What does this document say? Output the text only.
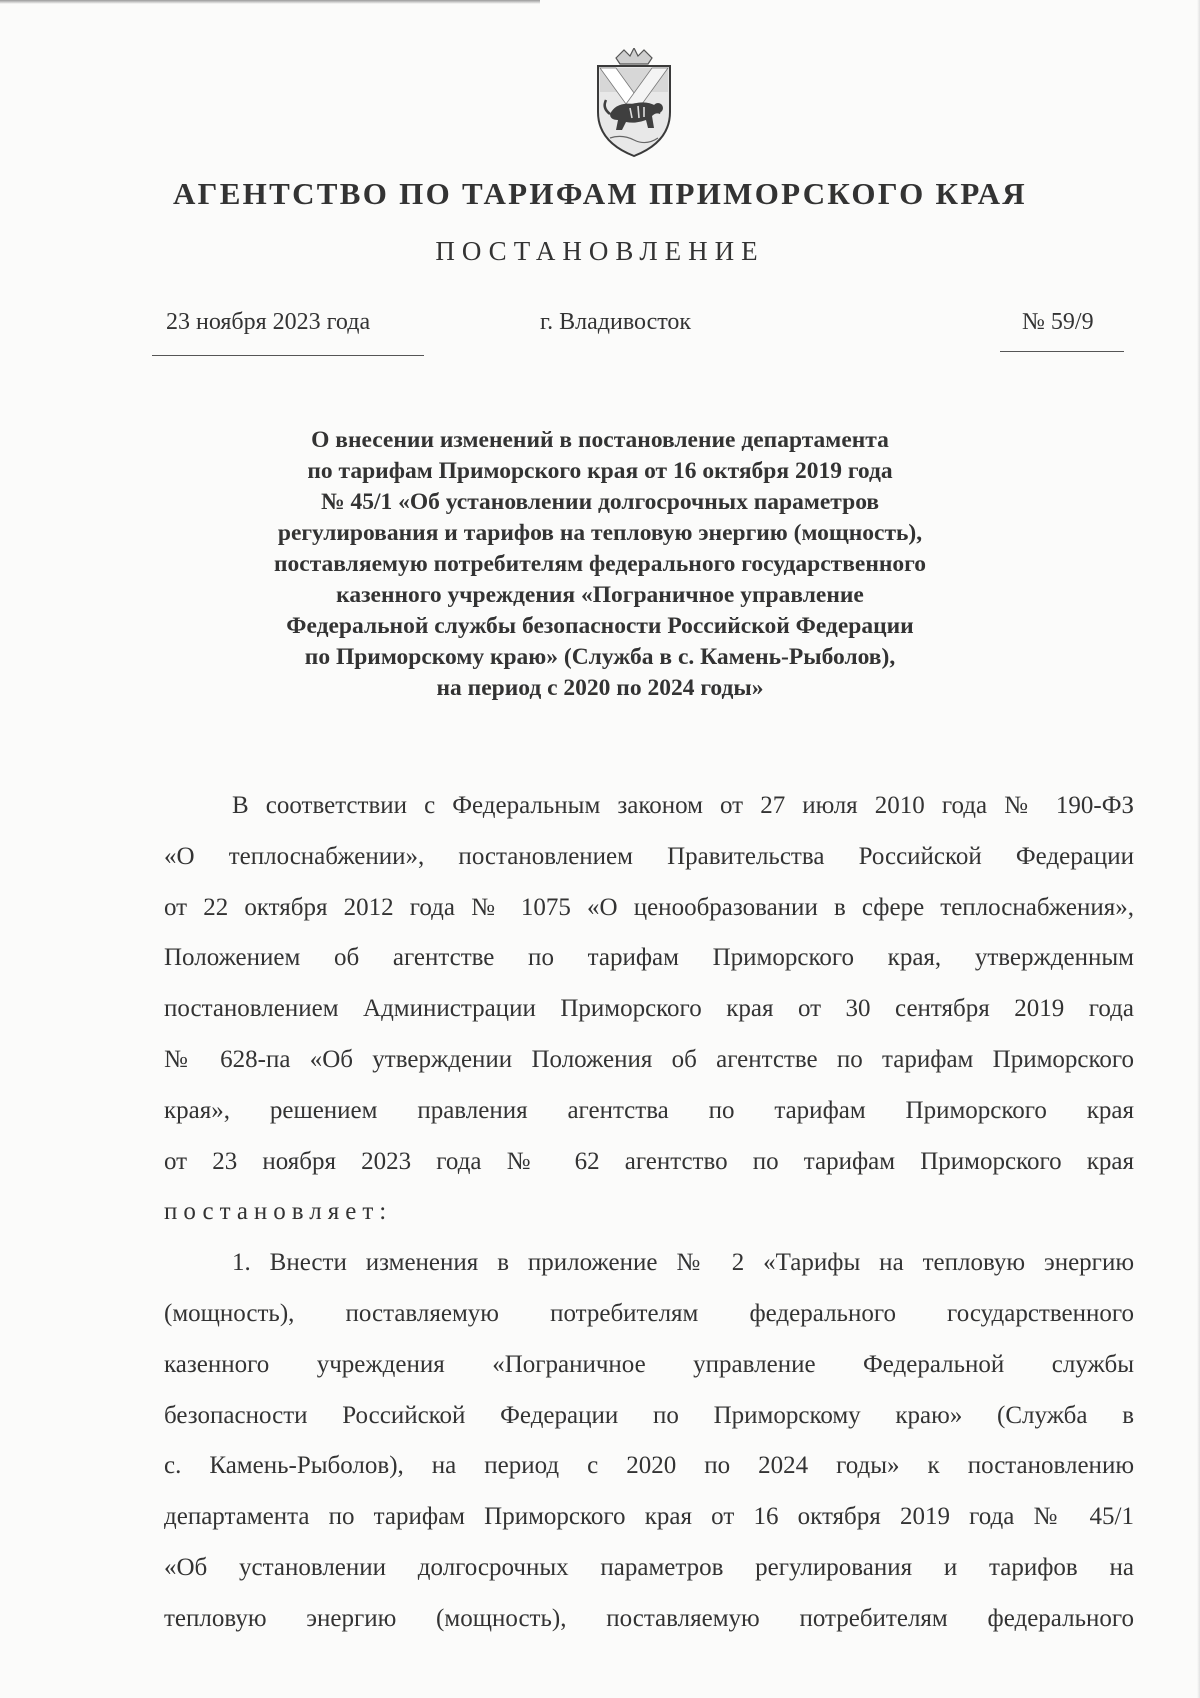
АГЕНТСТВО ПО ТАРИФАМ ПРИМОРСКОГО КРАЯ
ПОСТАНОВЛЕНИЕ
23 ноября 2023 года	г. Владивосток	№ 59/9
О внесении изменений в постановление департамента
по тарифам Приморского края от 16 октября 2019 года
№ 45/1 «Об установлении долгосрочных параметров
регулирования и тарифов на тепловую энергию (мощность),
поставляемую потребителям федерального государственного
казенного учреждения «Пограничное управление
Федеральной службы безопасности Российской Федерации
по Приморскому краю» (Служба в с. Камень-Рыболов),
на период с 2020 по 2024 годы»
В соответствии с Федеральным законом от 27 июля 2010 года № 190-ФЗ
«О теплоснабжении», постановлением Правительства Российской Федерации
от 22 октября 2012 года № 1075 «О ценообразовании в сфере теплоснабжения»,
Положением об агентстве по тарифам Приморского края, утвержденным
постановлением Администрации Приморского края от 30 сентября 2019 года
№ 628-па «Об утверждении Положения об агентстве по тарифам Приморского
края», решением правления агентства по тарифам Приморского края
от 23 ноября 2023 года № 62 агентство по тарифам Приморского края
постановляет:
1. Внести изменения в приложение № 2 «Тарифы на тепловую энергию
(мощность), поставляемую потребителям федерального государственного
казенного учреждения «Пограничное управление Федеральной службы
безопасности Российской Федерации по Приморскому краю» (Служба в
с. Камень-Рыболов), на период с 2020 по 2024 годы» к постановлению
департамента по тарифам Приморского края от 16 октября 2019 года № 45/1
«Об установлении долгосрочных параметров регулирования и тарифов на
тепловую энергию (мощность), поставляемую потребителям федерального
